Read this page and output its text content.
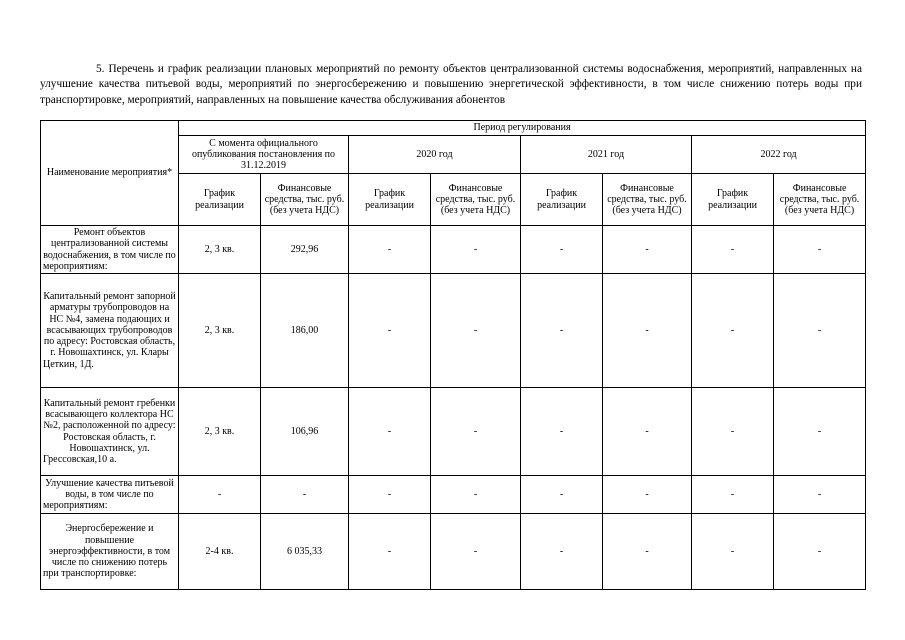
5. Перечень и график реализации плановых мероприятий по ремонту объектов централизованной системы водоснабжения, мероприятий, направленных на улучшение качества питьевой воды, мероприятий по энергосбережению и повышению энергетической эффективности, в том числе снижению потерь воды при транспортировке, мероприятий, направленных на повышение качества обслуживания абонентов

Наименование мероприятия*	Период регулирования							
	С момента официального опубликования постановления по 31.12.2019		2020 год		2021 год		2022 год	
	График реализации	Финансовые средства, тыс. руб. (без учета НДС)	График реализации	Финансовые средства, тыс. руб. (без учета НДС)	График реализации	Финансовые средства, тыс. руб. (без учета НДС)	График реализации	Финансовые средства, тыс. руб. (без учета НДС)
Ремонт объектов централизованной системы водоснабжения, в том числе по мероприятиям:	2, 3 кв.	292,96	-	-	-	-	-	-
Капитальный ремонт запорной арматуры трубопроводов на НС №4, замена подающих и всасывающих трубопроводов по адресу: Ростовская область, г. Новошахтинск, ул. Клары Цеткин, 1Д.	2, 3 кв.	186,00	-	-	-	-	-	-
Капитальный ремонт гребенки всасывающего коллектора НС №2, расположенной по адресу: Ростовская область, г. Новошахтинск, ул. Грессовская,10 а.	2, 3 кв.	106,96	-	-	-	-	-	-
Улучшение качества питьевой воды, в том числе по мероприятиям:	-	-	-	-	-	-	-	-
Энергосбережение и повышение энергоэффективности, в том числе по снижению потерь при транспортировке:	2-4 кв.	6 035,33	-	-	-	-	-	-
